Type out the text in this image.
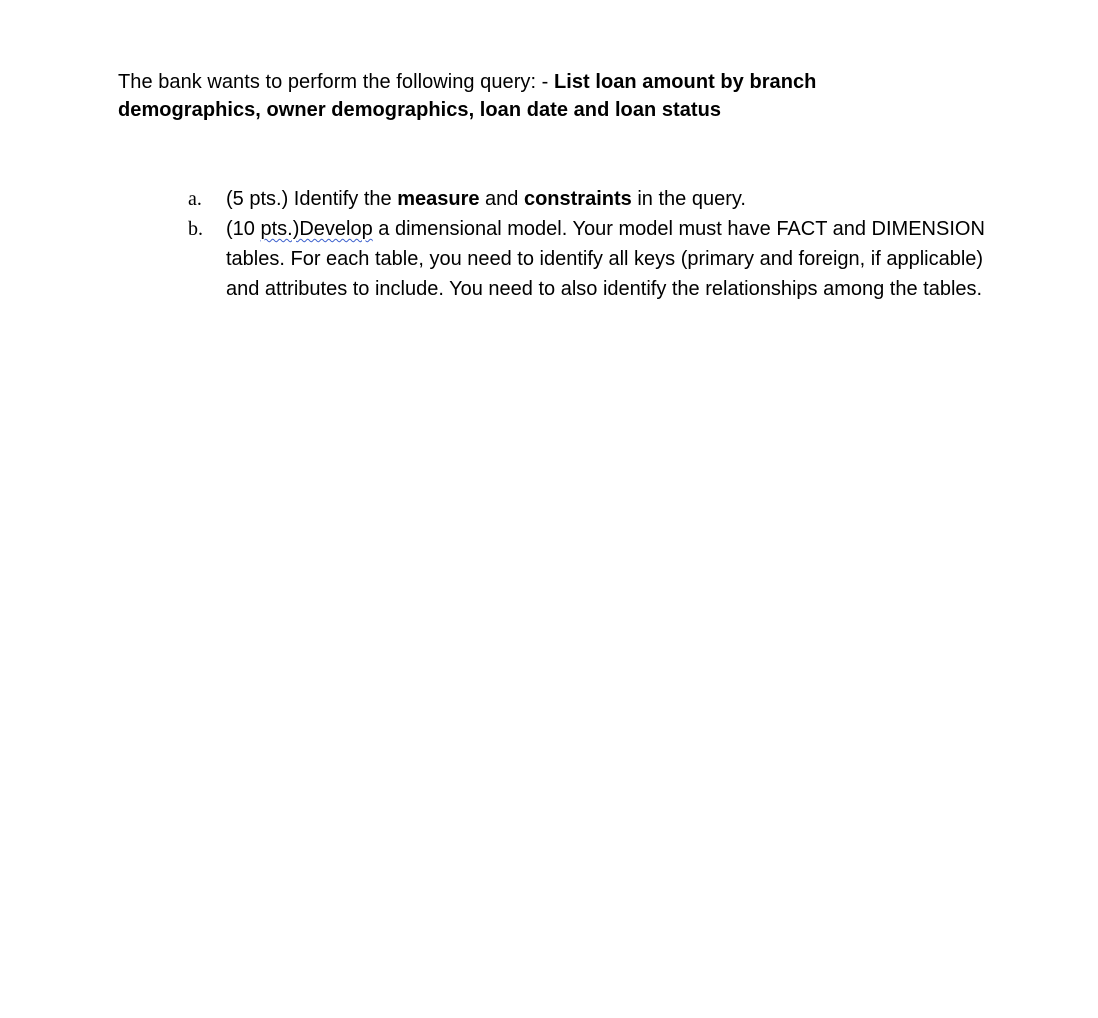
The bank wants to perform the following query: - List loan amount by branch demographics, owner demographics, loan date and loan status
a. (5 pts.) Identify the measure and constraints in the query.
b. (10 pts.)Develop a dimensional model. Your model must have FACT and DIMENSION tables. For each table, you need to identify all keys (primary and foreign, if applicable) and attributes to include. You need to also identify the relationships among the tables.
